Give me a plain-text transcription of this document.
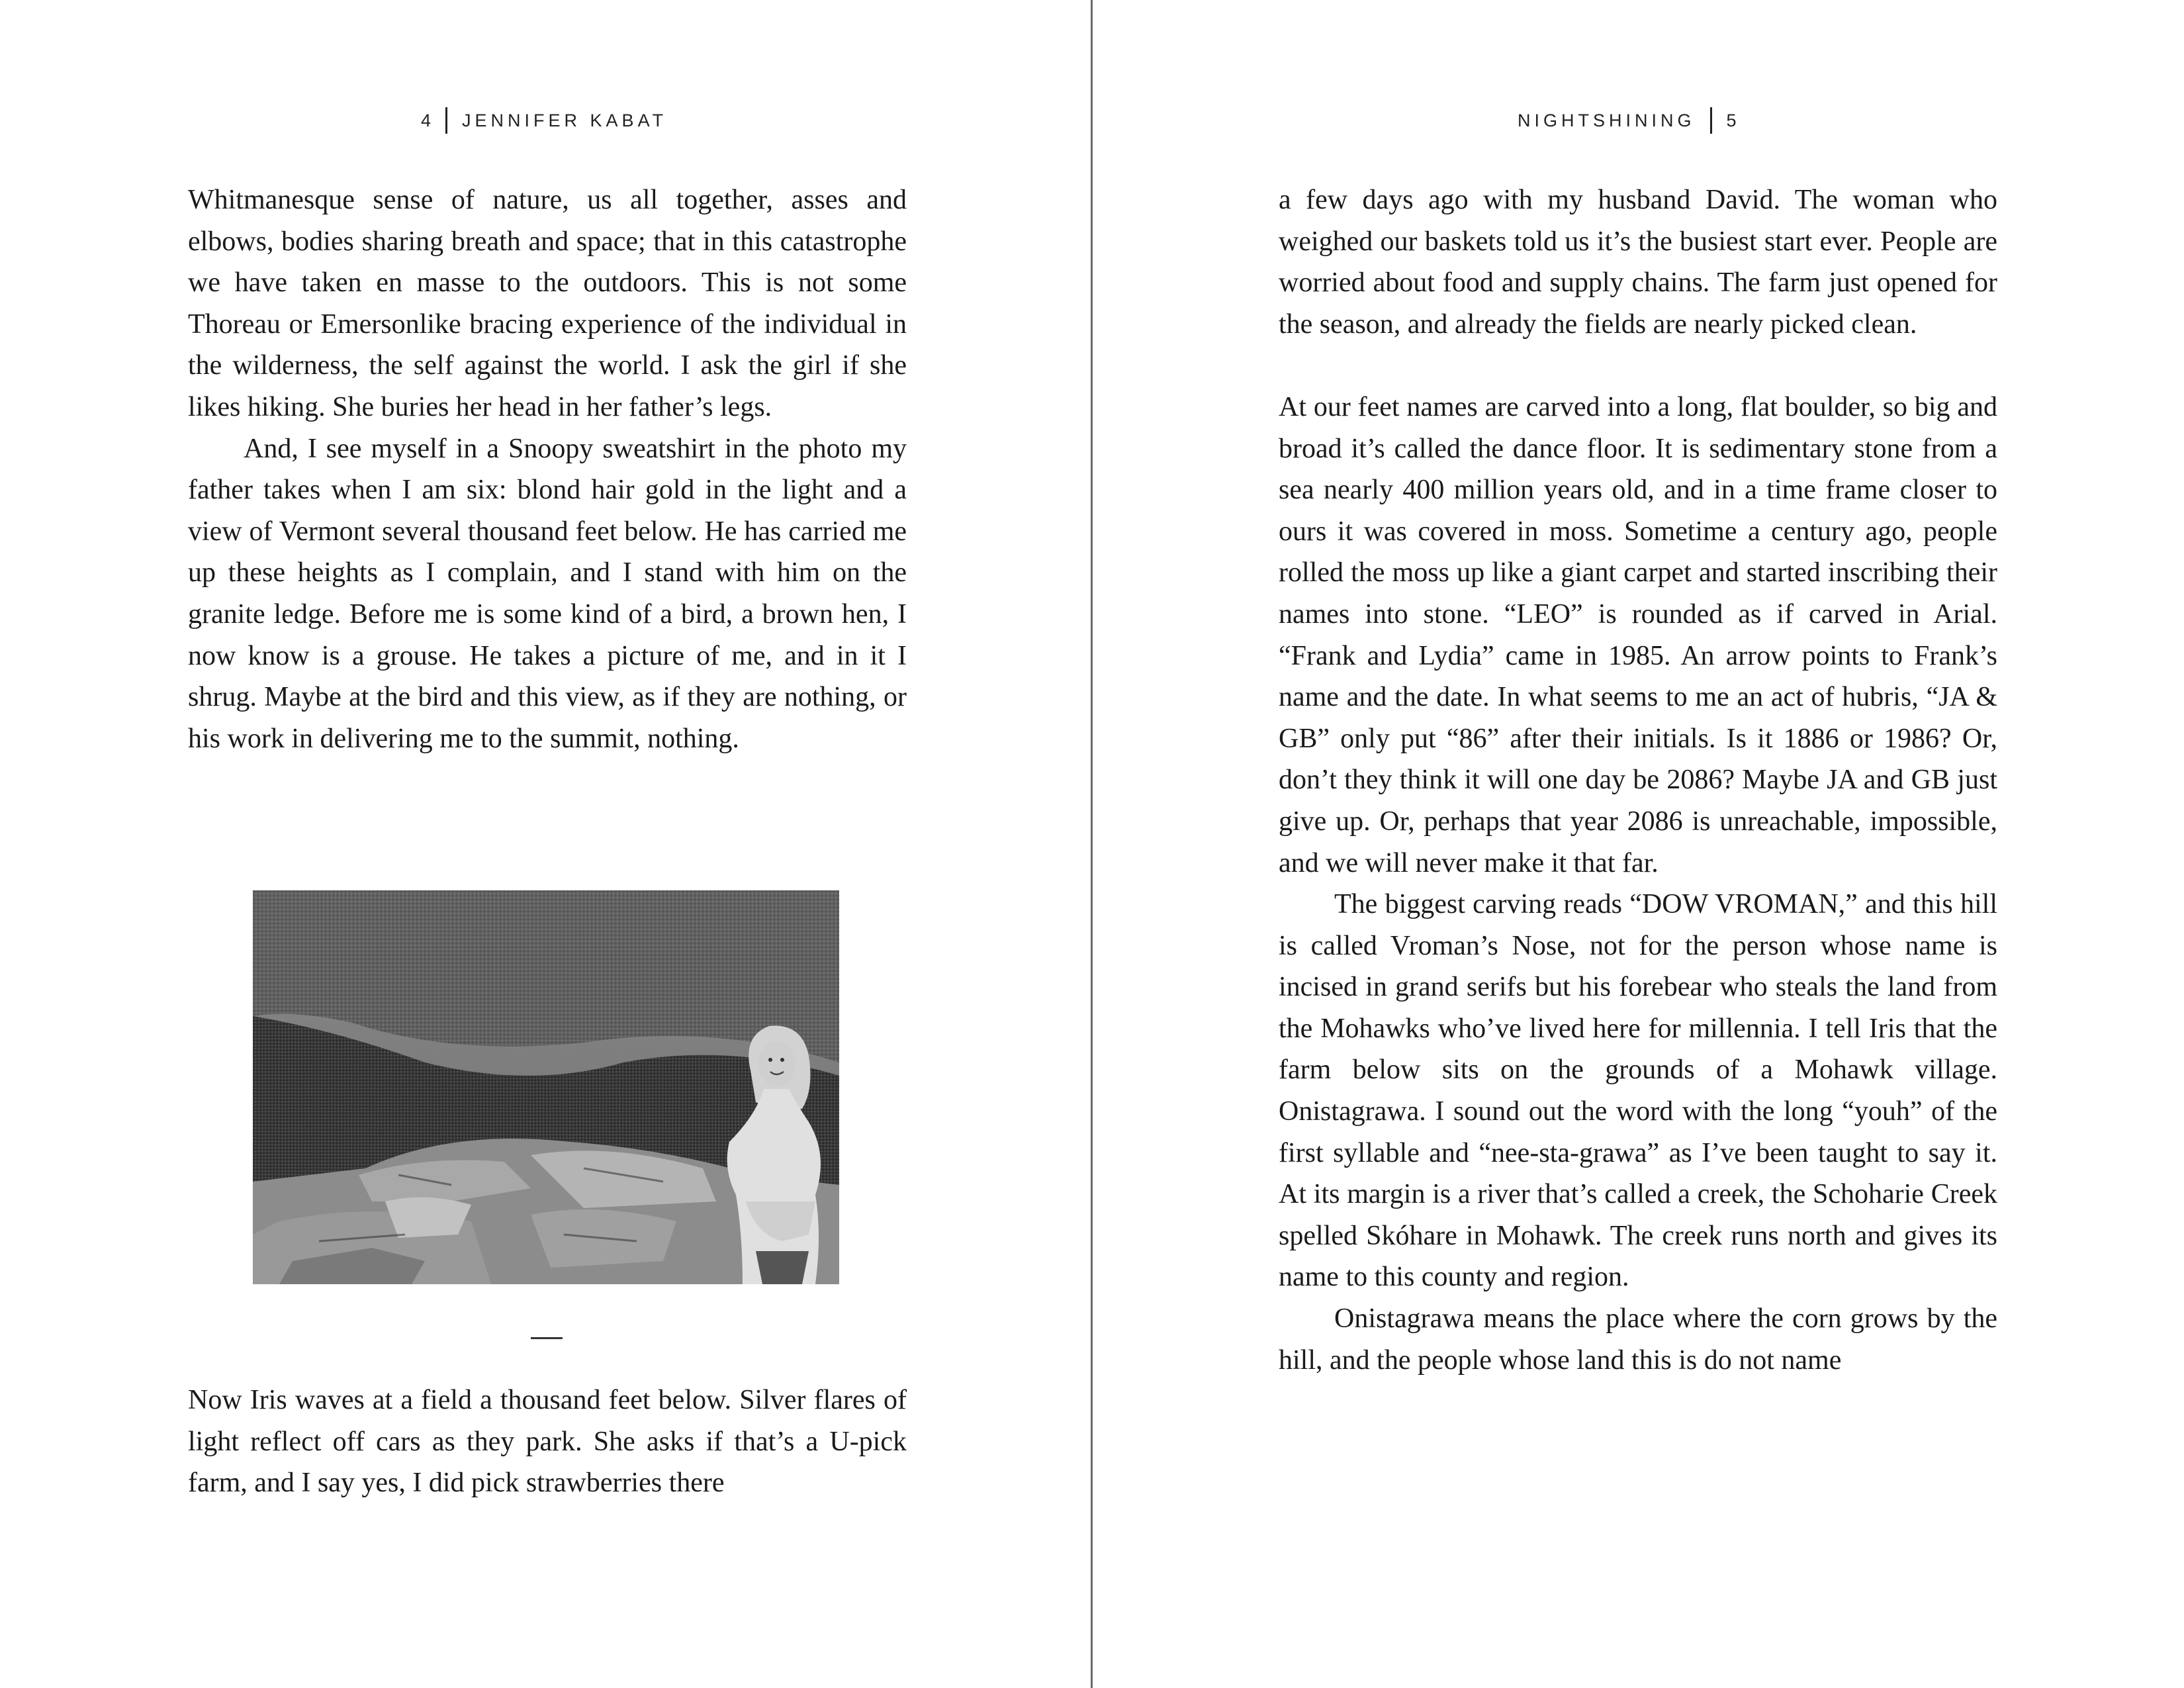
4 JENNIFER KABAT

Whitmanesque sense of nature, us all together, asses and elbows, bodies sharing breath and space; that in this catastrophe we have taken en masse to the outdoors. This is not some Thoreau or Emersonlike bracing experience of the individual in the wilderness, the self against the world. I ask the girl if she likes hiking. She buries her head in her father’s legs.

And, I see myself in a Snoopy sweatshirt in the photo my father takes when I am six: blond hair gold in the light and a view of Vermont several thousand feet below. He has carried me up these heights as I complain, and I stand with him on the granite ledge. Before me is some kind of a bird, a brown hen, I now know is a grouse. He takes a picture of me, and in it I shrug. Maybe at the bird and this view, as if they are nothing, or his work in delivering me to the summit, nothing.

Now Iris waves at a field a thousand feet below. Silver flares of light reflect off cars as they park. She asks if that’s a U-pick farm, and I say yes, I did pick strawberries there

NIGHTSHINING 5

a few days ago with my husband David. The woman who weighed our baskets told us it’s the busiest start ever. People are worried about food and supply chains. The farm just opened for the season, and already the fields are nearly picked clean.

At our feet names are carved into a long, flat boulder, so big and broad it’s called the dance floor. It is sedimentary stone from a sea nearly 400 million years old, and in a time frame closer to ours it was covered in moss. Sometime a century ago, people rolled the moss up like a giant carpet and started inscribing their names into stone. “LEO” is rounded as if carved in Arial. “Frank and Lydia” came in 1985. An arrow points to Frank’s name and the date. In what seems to me an act of hubris, “JA & GB” only put “86” after their initials. Is it 1886 or 1986? Or, don’t they think it will one day be 2086? Maybe JA and GB just give up. Or, perhaps that year 2086 is unreachable, impossible, and we will never make it that far.

The biggest carving reads “DOW VROMAN,” and this hill is called Vroman’s Nose, not for the person whose name is incised in grand serifs but his forebear who steals the land from the Mohawks who’ve lived here for millennia. I tell Iris that the farm below sits on the grounds of a Mohawk village. Onistagrawa. I sound out the word with the long “youh” of the first syllable and “nee-sta-grawa” as I’ve been taught to say it. At its margin is a river that’s called a creek, the Schoharie Creek spelled Skóhare in Mohawk. The creek runs north and gives its name to this county and region.

Onistagrawa means the place where the corn grows by the hill, and the people whose land this is do not name
